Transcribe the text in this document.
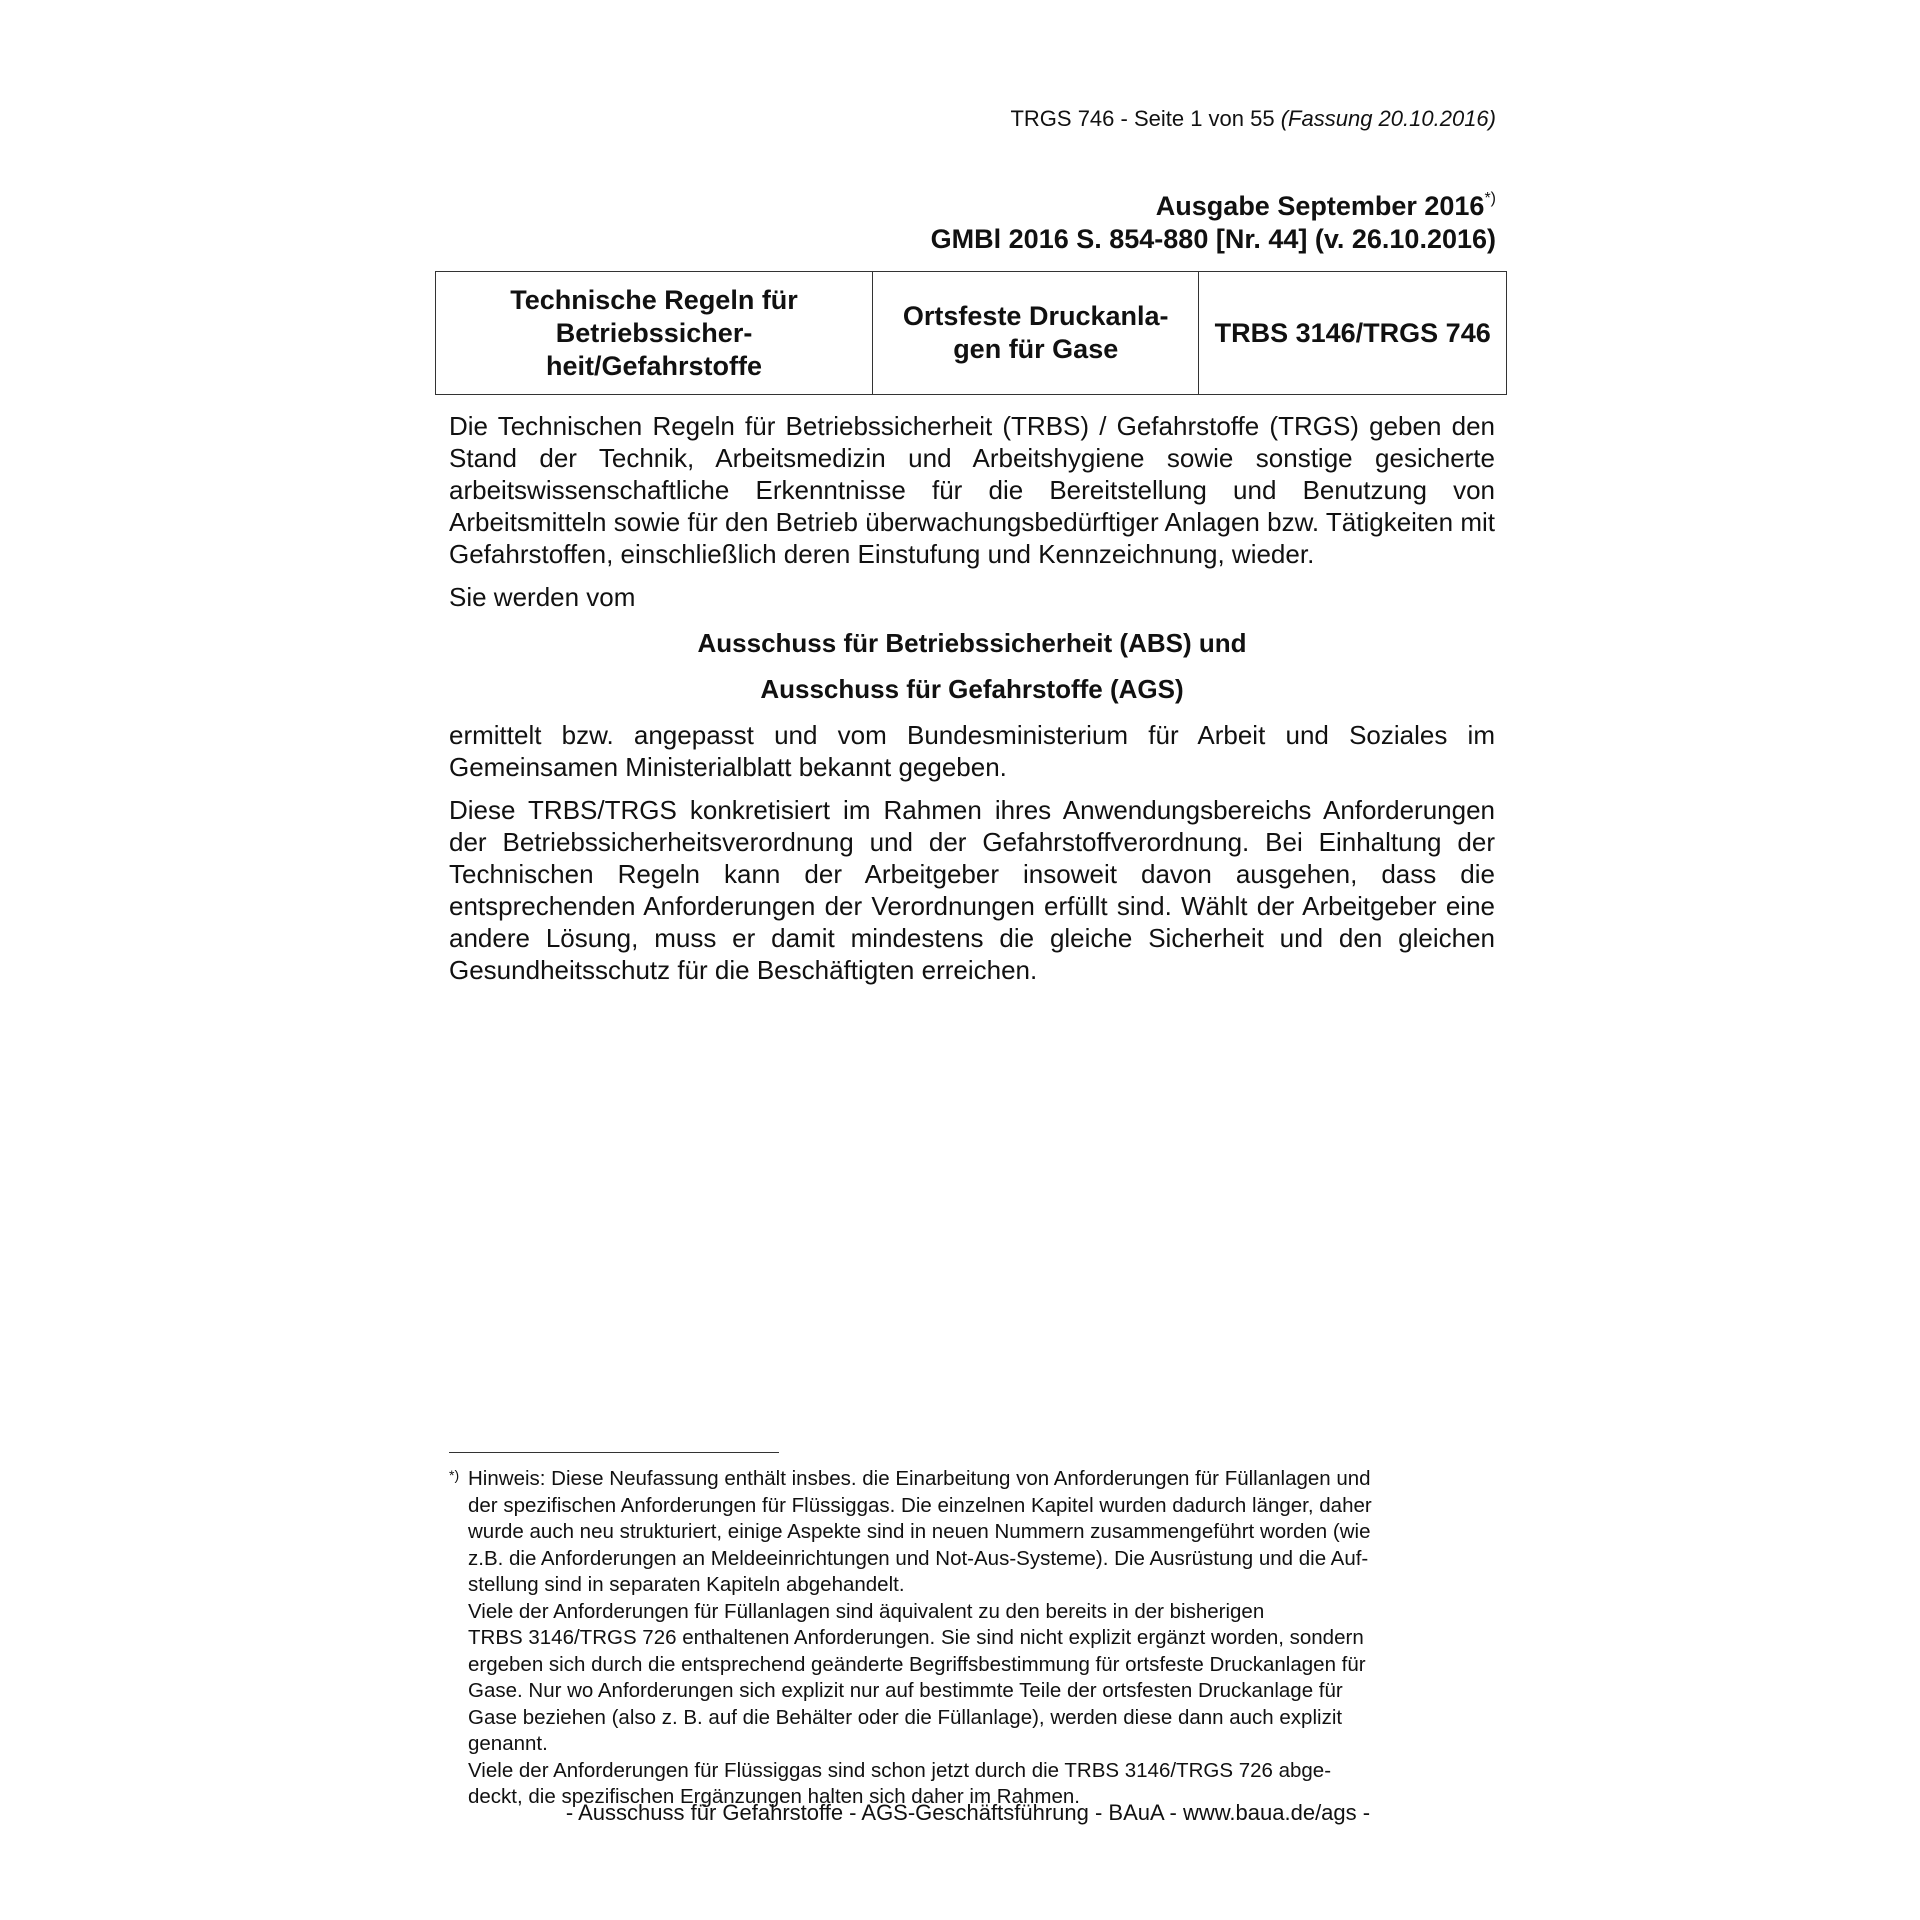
TRGS 746 - Seite 1 von 55 (Fassung 20.10.2016)
Ausgabe September 2016*)
GMBl 2016 S. 854-880 [Nr. 44] (v. 26.10.2016)
Technische Regeln für Betriebssicher-heit/Gefahrstoffe	Ortsfeste Druckanla-gen für Gase	TRBS 3146/TRGS 746

Die Technischen Regeln für Betriebssicherheit (TRBS) / Gefahrstoffe (TRGS) geben den Stand der Technik, Arbeitsmedizin und Arbeitshygiene sowie sonstige gesicherte arbeitswissenschaftliche Erkenntnisse für die Bereitstellung und Benutzung von Arbeitsmitteln sowie für den Betrieb überwachungsbedürftiger Anlagen bzw. Tätigkeiten mit Gefahrstoffen, einschließlich deren Einstufung und Kennzeichnung, wieder.

Sie werden vom

Ausschuss für Betriebssicherheit (ABS) und

Ausschuss für Gefahrstoffe (AGS)

ermittelt bzw. angepasst und vom Bundesministerium für Arbeit und Soziales im Gemeinsamen Ministerialblatt bekannt gegeben.

Diese TRBS/TRGS konkretisiert im Rahmen ihres Anwendungsbereichs Anforderungen der Betriebssicherheitsverordnung und der Gefahrstoffverordnung. Bei Einhaltung der Technischen Regeln kann der Arbeitgeber insoweit davon ausgehen, dass die entsprechenden Anforderungen der Verordnungen erfüllt sind. Wählt der Arbeitgeber eine andere Lösung, muss er damit mindestens die gleiche Sicherheit und den gleichen Gesundheitsschutz für die Beschäftigten erreichen.

*) Hinweis: Diese Neufassung enthält insbes. die Einarbeitung von Anforderungen für Füllanlagen und
der spezifischen Anforderungen für Flüssiggas. Die einzelnen Kapitel wurden dadurch länger, daher
wurde auch neu strukturiert, einige Aspekte sind in neuen Nummern zusammengeführt worden (wie
z.B. die Anforderungen an Meldeeinrichtungen und Not-Aus-Systeme). Die Ausrüstung und die Auf-
stellung sind in separaten Kapiteln abgehandelt.
Viele der Anforderungen für Füllanlagen sind äquivalent zu den bereits in der bisherigen
TRBS 3146/TRGS 726 enthaltenen Anforderungen. Sie sind nicht explizit ergänzt worden, sondern
ergeben sich durch die entsprechend geänderte Begriffsbestimmung für ortsfeste Druckanlagen für
Gase. Nur wo Anforderungen sich explizit nur auf bestimmte Teile der ortsfesten Druckanlage für
Gase beziehen (also z. B. auf die Behälter oder die Füllanlage), werden diese dann auch explizit
genannt.
Viele der Anforderungen für Flüssiggas sind schon jetzt durch die TRBS 3146/TRGS 726 abge-
deckt, die spezifischen Ergänzungen halten sich daher im Rahmen.
- Ausschuss für Gefahrstoffe - AGS-Geschäftsführung - BAuA - www.baua.de/ags -
